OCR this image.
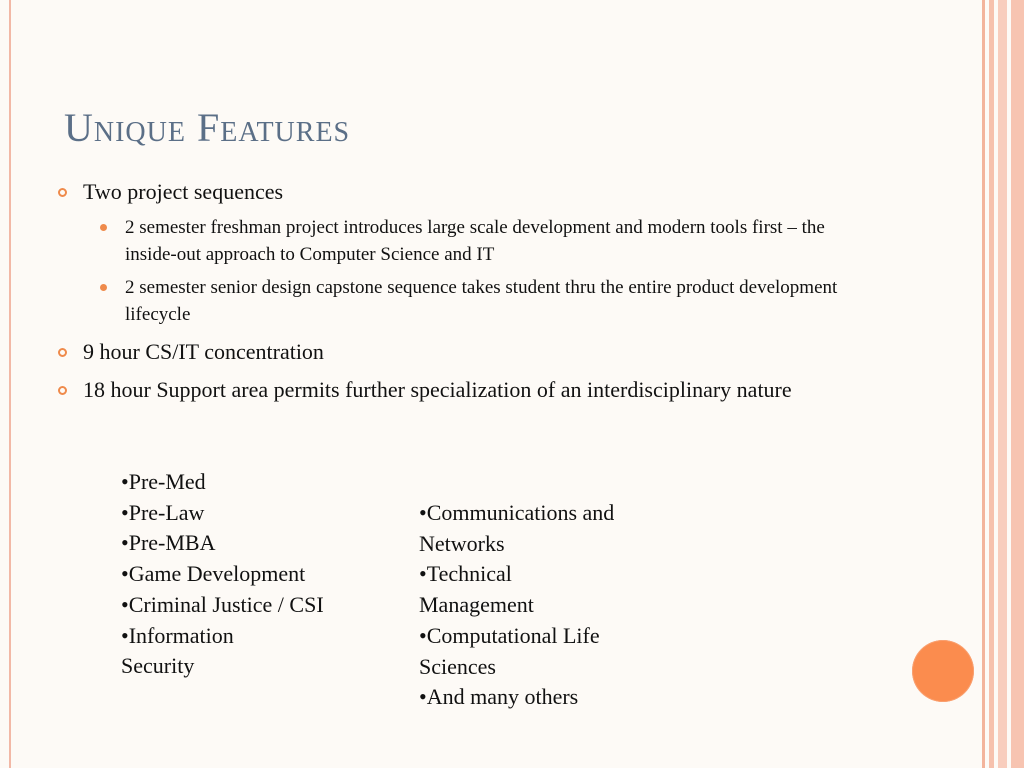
Unique Features
Two project sequences
2 semester freshman project introduces large scale development and modern tools first – the inside-out approach to Computer Science and IT
2 semester senior design capstone sequence takes student thru the entire product development lifecycle
9 hour CS/IT concentration
18 hour Support area permits further specialization of an interdisciplinary nature
•Pre-Med
•Pre-Law
•Pre-MBA
•Game Development
•Criminal Justice / CSI
•Information Security
•Communications and Networks
•Technical Management
•Computational Life Sciences
•And many others
